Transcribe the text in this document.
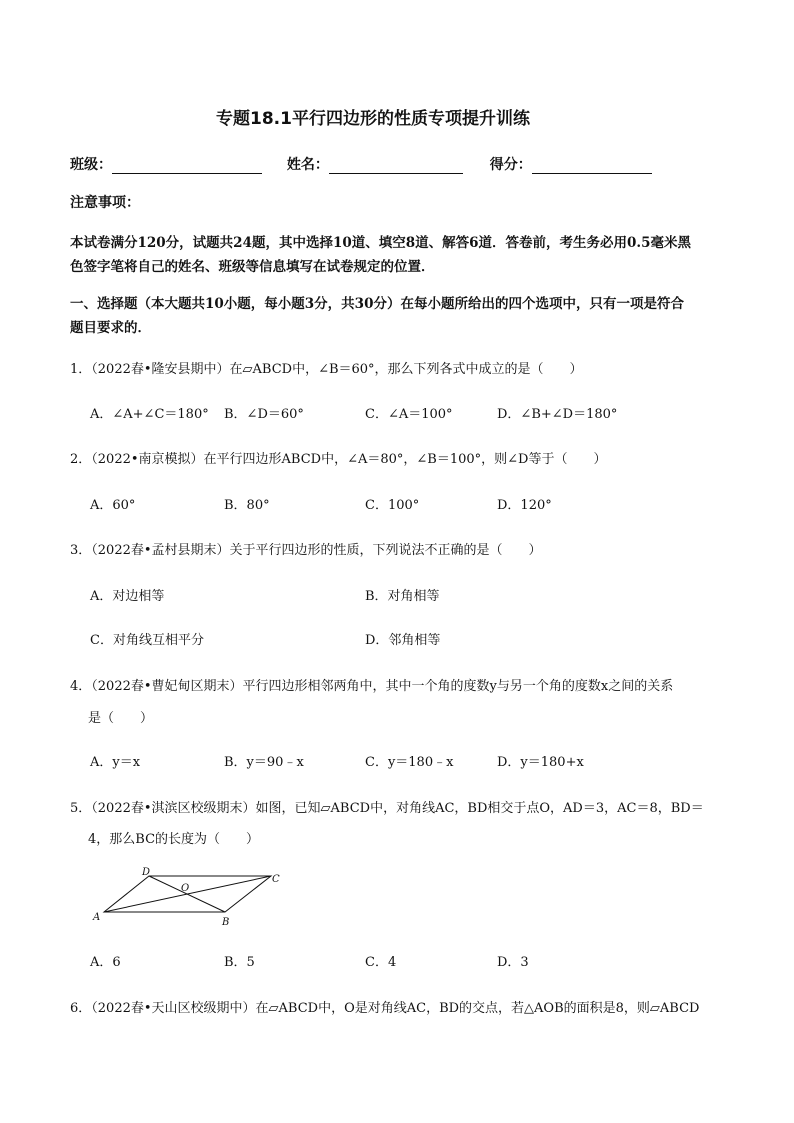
专题18.1平行四边形的性质专项提升训练
班级：	姓名：	得分：
注意事项：
本试卷满分120分，试题共24题，其中选择10道、填空8道、解答6道．答卷前，考生务必用0.5毫米黑
色签字笔将自己的姓名、班级等信息填写在试卷规定的位置．
一、选择题（本大题共10小题，每小题3分，共30分）在每小题所给出的四个选项中，只有一项是符合
题目要求的．
1．（2022春•隆安县期中）在▱ABCD中，∠B＝60°，那么下列各式中成立的是（　　）
A．∠A+∠C＝180° B．∠D＝60°	C．∠A＝100°	D．∠B+∠D＝180°
2．（2022•南京模拟）在平行四边形ABCD中，∠A＝80°，∠B＝100°，则∠D等于（　　）
A．60°	B．80°	C．100°	D．120°
3．（2022春•孟村县期末）关于平行四边形的性质，下列说法不正确的是（　　）
A．对边相等	B．对角相等
C．对角线互相平分	D．邻角相等
4．（2022春•曹妃甸区期末）平行四边形相邻两角中，其中一个角的度数y与另一个角的度数x之间的关系
是（　　）
A．y＝x	B．y＝90﹣x	C．y＝180﹣x	D．y＝180+x
5．（2022春•淇滨区校级期末）如图，已知▱ABCD中，对角线AC，BD相交于点O，AD＝3，AC＝8，BD＝
4，那么BC的长度为（　　）
A	B
C
D
O
A．6	B．5	C．4	D．3
6．（2022春•天山区校级期中）在▱ABCD中，O是对角线AC，BD的交点，若△AOB的面积是8，则▱ABCD
